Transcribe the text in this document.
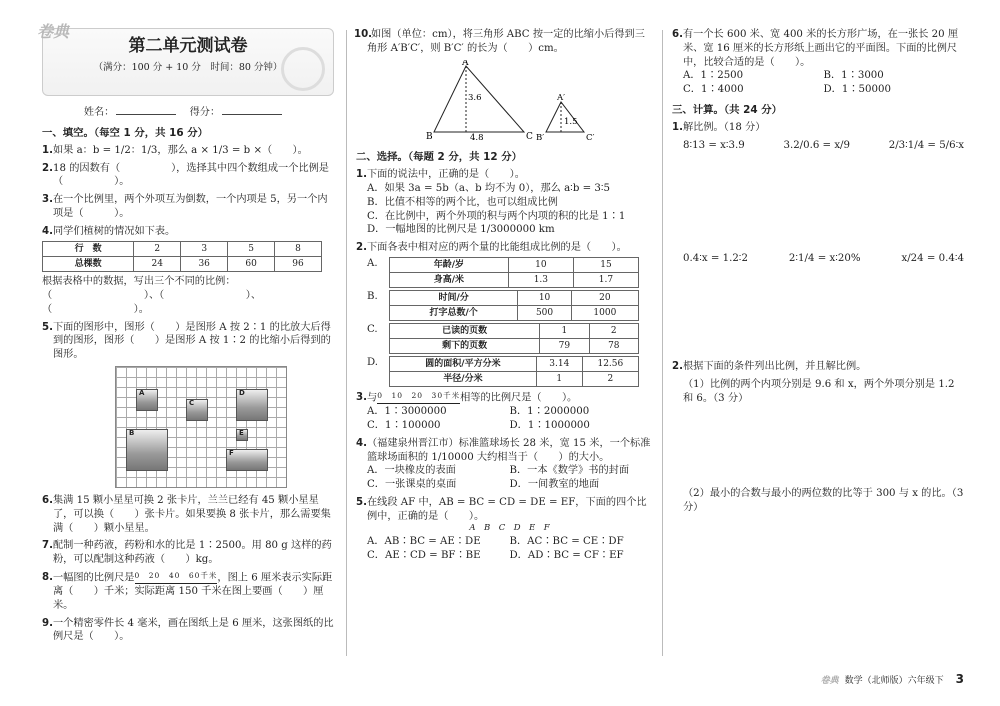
卷典
第二单元测试卷
（满分：100 分 + 10 分　时间：80 分钟）
姓名：	得分：
一、填空。（每空 1 分，共 16 分）
1. 如果 a：b = 1/2：1/3，那么 a × 1/3 = b ×（　　）。
2. 18 的因数有（　　　　　），选择其中四个数组成一个比例是（　　　　　）。
3. 在一个比例里，两个外项互为倒数，一个内项是 5，另一个内项是（　　　）。
4. 同学们植树的情况如下表。
行　数	2	3	5	8
总棵数	24	36	60	96
根据表格中的数据，写出三个不同的比例：（　　　　　　　　　）、（　　　　　　　　）、（　　　　　　　　）。
5. 下面的图形中，图形（　　）是图形 A 按 2∶1 的比放大后得到的图形，图形（　　）是图形 A 按 1∶2 的比缩小后得到的图形。
A
B
C
D
E
F
6. 集满 15 颗小星星可换 2 张卡片，兰兰已经有 45 颗小星星了，可以换（　　）张卡片。如果要换 8 张卡片，那么需要集满（　　）颗小星星。
7. 配制一种药液，药粉和水的比是 1∶2500。用 80 g 这样的药粉，可以配制这种药液（　　）kg。
8. 一幅图的比例尺是0　20　40　60千米，图上 6 厘米表示实际距离（　　）千米；实际距离 150 千米在图上要画（　　）厘米。
9. 一个精密零件长 4 毫米，画在图纸上是 6 厘米，这张图纸的比例尺是（　　）。
10.
如图（单位：cm），将三角形 ABC 按一定的比缩小后得到三角形 A′B′C′，则 B′C′ 的长为（　　）cm。
A
B	C
3.6
4.8
A′
B′	C′
1.5
二、选择。（每题 2 分，共 12 分）
1. 下面的说法中，正确的是（　　）。
A．如果 3a = 5b（a、b 均不为 0），那么 a∶b = 3∶5
B．比值不相等的两个比，也可以组成比例
C．在比例中，两个外项的积与两个内项的积的比是 1∶1
D．一幅地图的比例尺是 1/3000000 km
2. 下面各表中相对应的两个量的比能组成比例的是（　　）。
A.	年龄/岁	10	15
身高/米	1.3	1.7
B.	时间/分	10	20
打字总数/个	500	1000
C.	已读的页数	1	2
剩下的页数	79	78
D.	圆的面积/平方分米	3.14	12.56
半径/分米	1	2
3. 与0　10　20　30千米相等的比例尺是（　　）。
A．1∶3000000	B．1∶2000000
C．1∶100000	D．1∶1000000
4. （福建泉州晋江市）标准篮球场长 28 米，宽 15 米，一个标准篮球场面积的 1/10000 大约相当于（　　）的大小。
A．一块橡皮的表面	B．一本《数学》书的封面
C．一张课桌的桌面	D．一间教室的地面
5. 在线段 AF 中，AB = BC = CD = DE = EF，下面的四个比例中，正确的是（　　）。
A　B　C　D　E　F
A．AB∶BC = AE∶DE	B．AC∶BC = CE∶DF
C．AE∶CD = BF∶BE	D．AD∶BC = CF∶EF
6. 有一个长 600 米、宽 400 米的长方形广场，在一张长 20 厘米、宽 16 厘米的长方形纸上画出它的平面图。下面的比例尺中，比较合适的是（　　）。
A．1∶2500	B．1∶3000
C．1∶4000	D．1∶50000
三、计算。（共 24 分）
1. 解比例。（18 分）
8∶13 = x∶3.9	3.2/0.6 = x/9	2/3∶1/4 = 5/6∶x
0.4∶x = 1.2∶2	2∶1/4 = x∶20%	x/24 = 0.4∶4
2. 根据下面的条件列出比例，并且解比例。
（1）比例的两个内项分别是 9.6 和 x，两个外项分别是 1.2 和 6。（3 分）
（2）最小的合数与最小的两位数的比等于 300 与 x 的比。（3 分）
卷典 数学（北师版）六年级下 3
